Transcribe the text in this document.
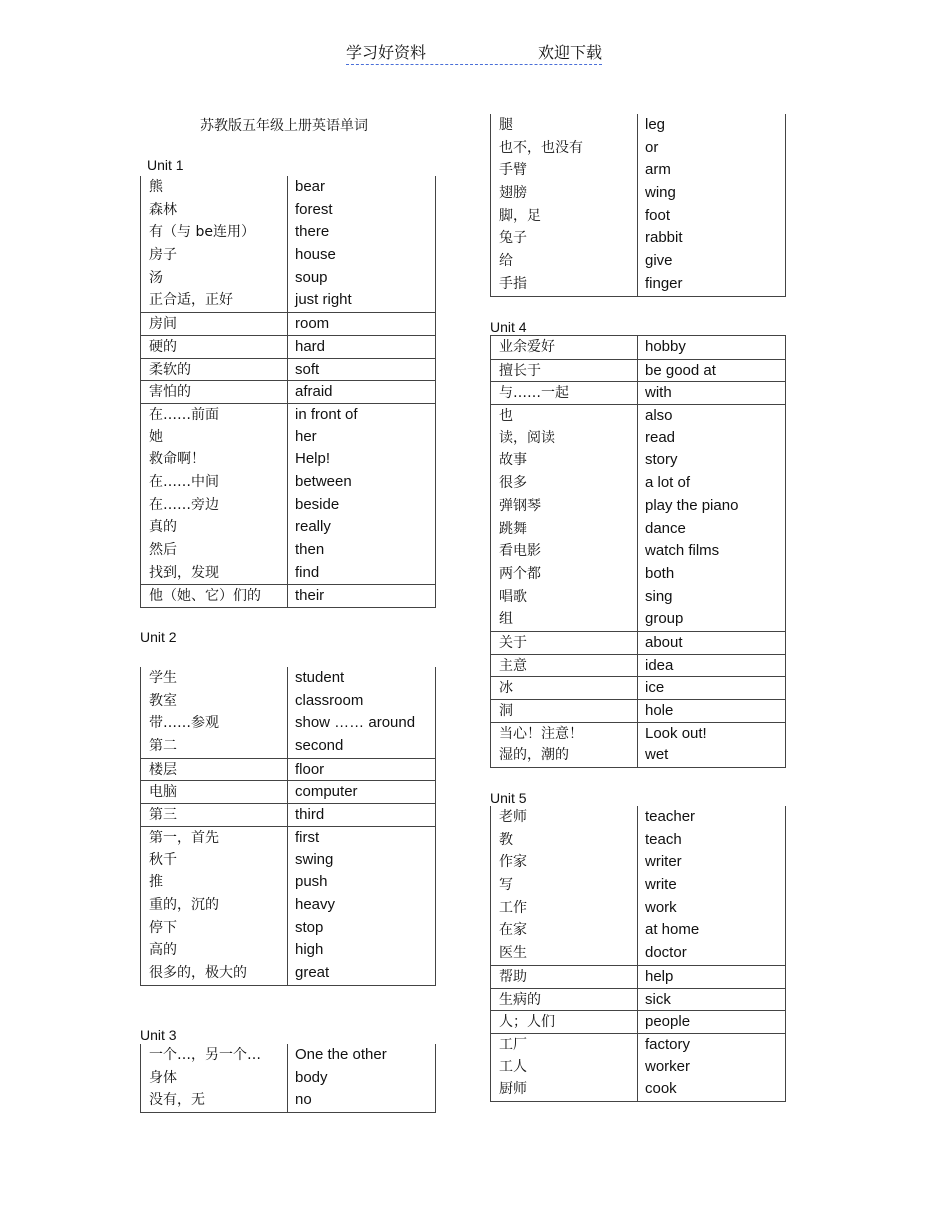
学习好资料	欢迎下载
苏教版五年级上册英语单词
Unit 1
熊	bear
森林	forest
有（与 be连用）	there
房子	house
汤	soup
正合适，正好	just right
房间	room
硬的	hard
柔软的	soft
害怕的	afraid
在……前面	in front of
她	her
救命啊！	Help!
在……中间	between
在……旁边	beside
真的	really
然后	then
找到，发现	find
他（她、它）们的 their
Unit 2
学生	student
教室	classroom
带……参观	show …… around
第二	second
楼层	floor
电脑	computer
第三	third
第一，首先	first
秋千	swing
推	push
重的，沉的	heavy
停下	stop
高的	high
很多的，极大的	great
Unit 3
一个…，另一个… One the other
身体	body
没有，无	no
腿	leg
也不，也没有	or
手臂	arm
翅膀	wing
脚，足	foot
兔子	rabbit
给	give
手指	finger
Unit 4
业余爱好	hobby
擅长于	be good at
与……一起	with
也	also
读，阅读	read
故事	story
很多	a lot of
弹钢琴	play the piano
跳舞	dance
看电影	watch films
两个都	both
唱歌	sing
组	group
关于	about
主意	idea
冰	ice
洞	hole
当心！注意！	Look out!
湿的，潮的	wet
Unit 5
老师	teacher
教	teach
作家	writer
写	write
工作	work
在家	at home
医生	doctor
帮助	help
生病的	sick
人；人们	people
工厂	factory
工人	worker
厨师	cook
